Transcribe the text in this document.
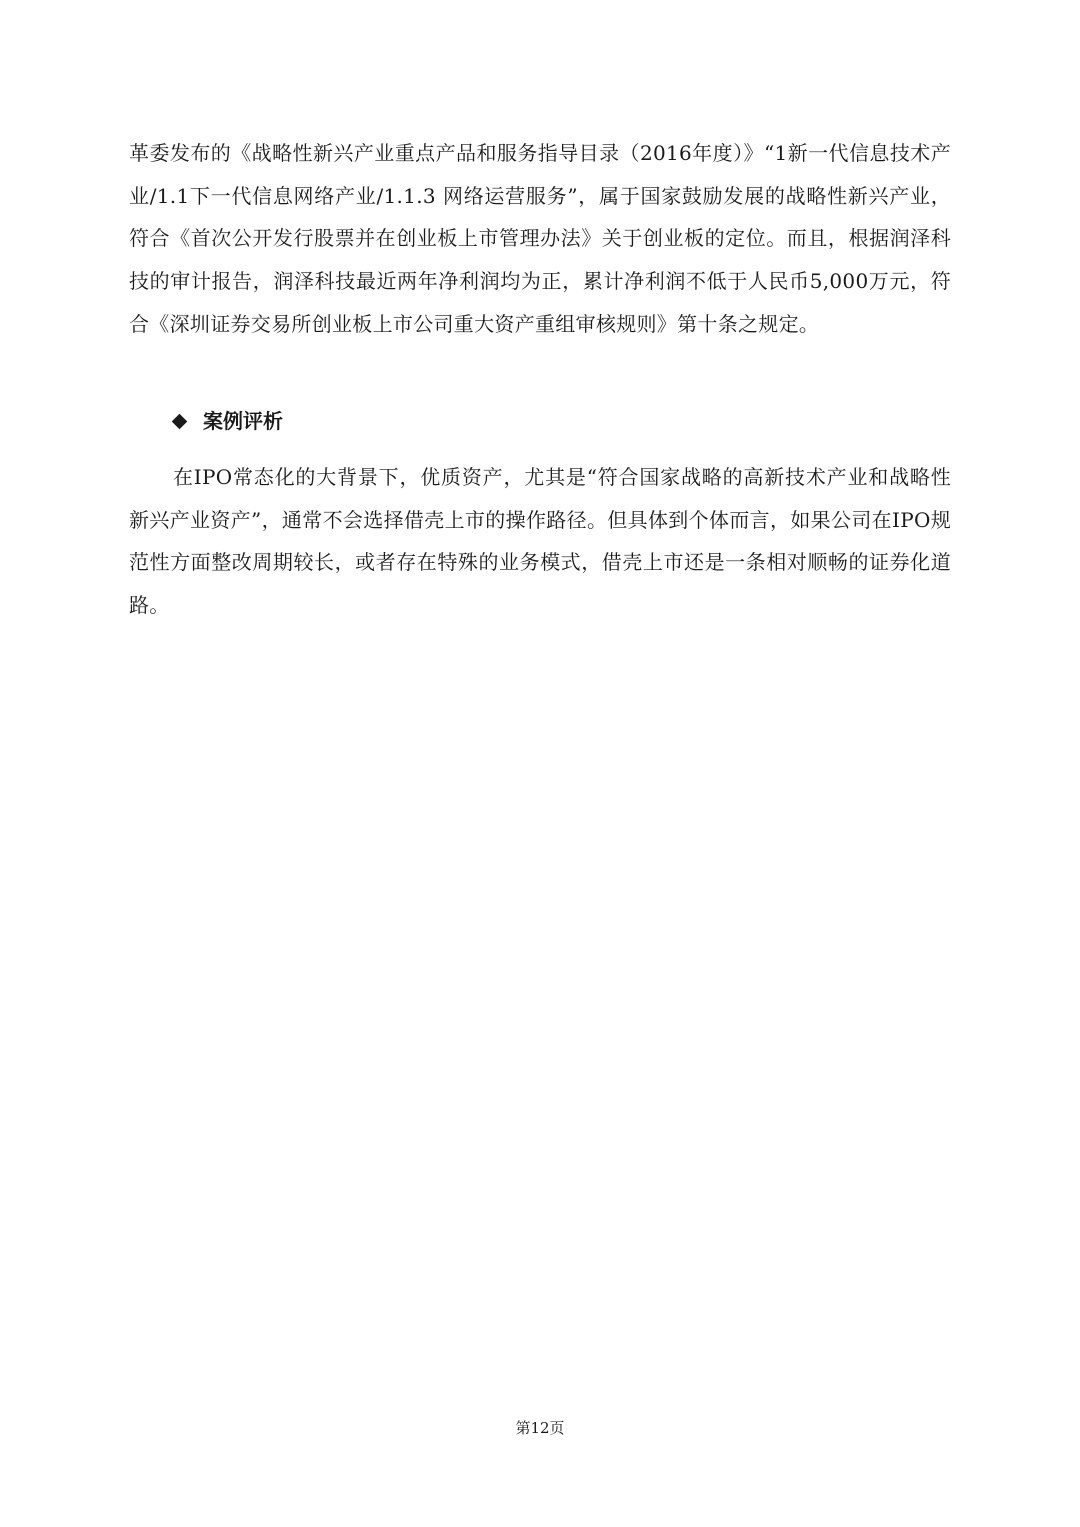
革委发布的《战略性新兴产业重点产品和服务指导目录（2016年度）》“1新一代信息技术产业/1.1下一代信息网络产业/1.1.3 网络运营服务”，属于国家鼓励发展的战略性新兴产业，符合《首次公开发行股票并在创业板上市管理办法》关于创业板的定位。而且，根据润泽科技的审计报告，润泽科技最近两年净利润均为正，累计净利润不低于人民币5,000万元，符合《深圳证券交易所创业板上市公司重大资产重组审核规则》第十条之规定。

案例评析

在IPO常态化的大背景下，优质资产，尤其是“符合国家战略的高新技术产业和战略性新兴产业资产”，通常不会选择借壳上市的操作路径。但具体到个体而言，如果公司在IPO规范性方面整改周期较长，或者存在特殊的业务模式，借壳上市还是一条相对顺畅的证券化道路。

第12页
